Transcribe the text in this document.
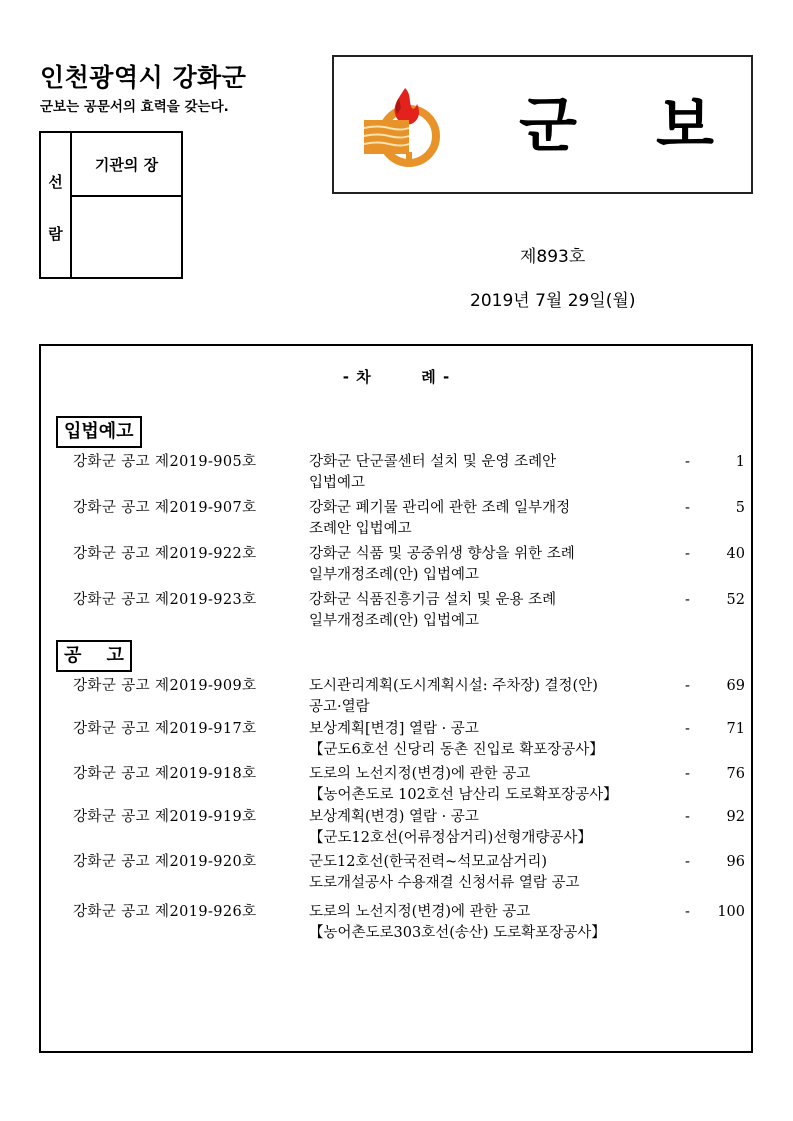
인천광역시 강화군
군보는 공문서의 효력을 갖는다.
선
람
기관의 장
군 보
제893호
2019년 7월 29일(월)
- 차       례 -
입법예고
강화군 공고 제2019-905호	강화군 단군콜센터 설치 및 운영 조례안
입법예고
-	1
강화군 공고 제2019-907호	강화군 폐기물 관리에 관한 조례 일부개정
조례안 입법예고
-	5
강화군 공고 제2019-922호	강화군 식품 및 공중위생 향상을 위한 조례
일부개정조례(안) 입법예고
-	40
강화군 공고 제2019-923호	강화군 식품진흥기금 설치 및 운용 조례
일부개정조례(안) 입법예고
-	52
공    고
강화군 공고 제2019-909호	도시관리계획(도시계획시설: 주차장) 결정(안)
공고·열람
-	69
강화군 공고 제2019-917호	보상계획[변경] 열람 · 공고
【군도6호선 신당리 동촌 진입로 확포장공사】
-	71
강화군 공고 제2019-918호	도로의 노선지정(변경)에 관한 공고
【농어촌도로 102호선 남산리 도로확포장공사】
-	76
강화군 공고 제2019-919호	보상계획(변경) 열람 · 공고
【군도12호선(어류정삼거리)선형개량공사】
-	92
강화군 공고 제2019-920호	군도12호선(한국전력~석모교삼거리)
도로개설공사 수용재결 신청서류 열람 공고
-	96
강화군 공고 제2019-926호	도로의 노선지정(변경)에 관한 공고
【농어촌도로303호선(송산) 도로확포장공사】
- 100
